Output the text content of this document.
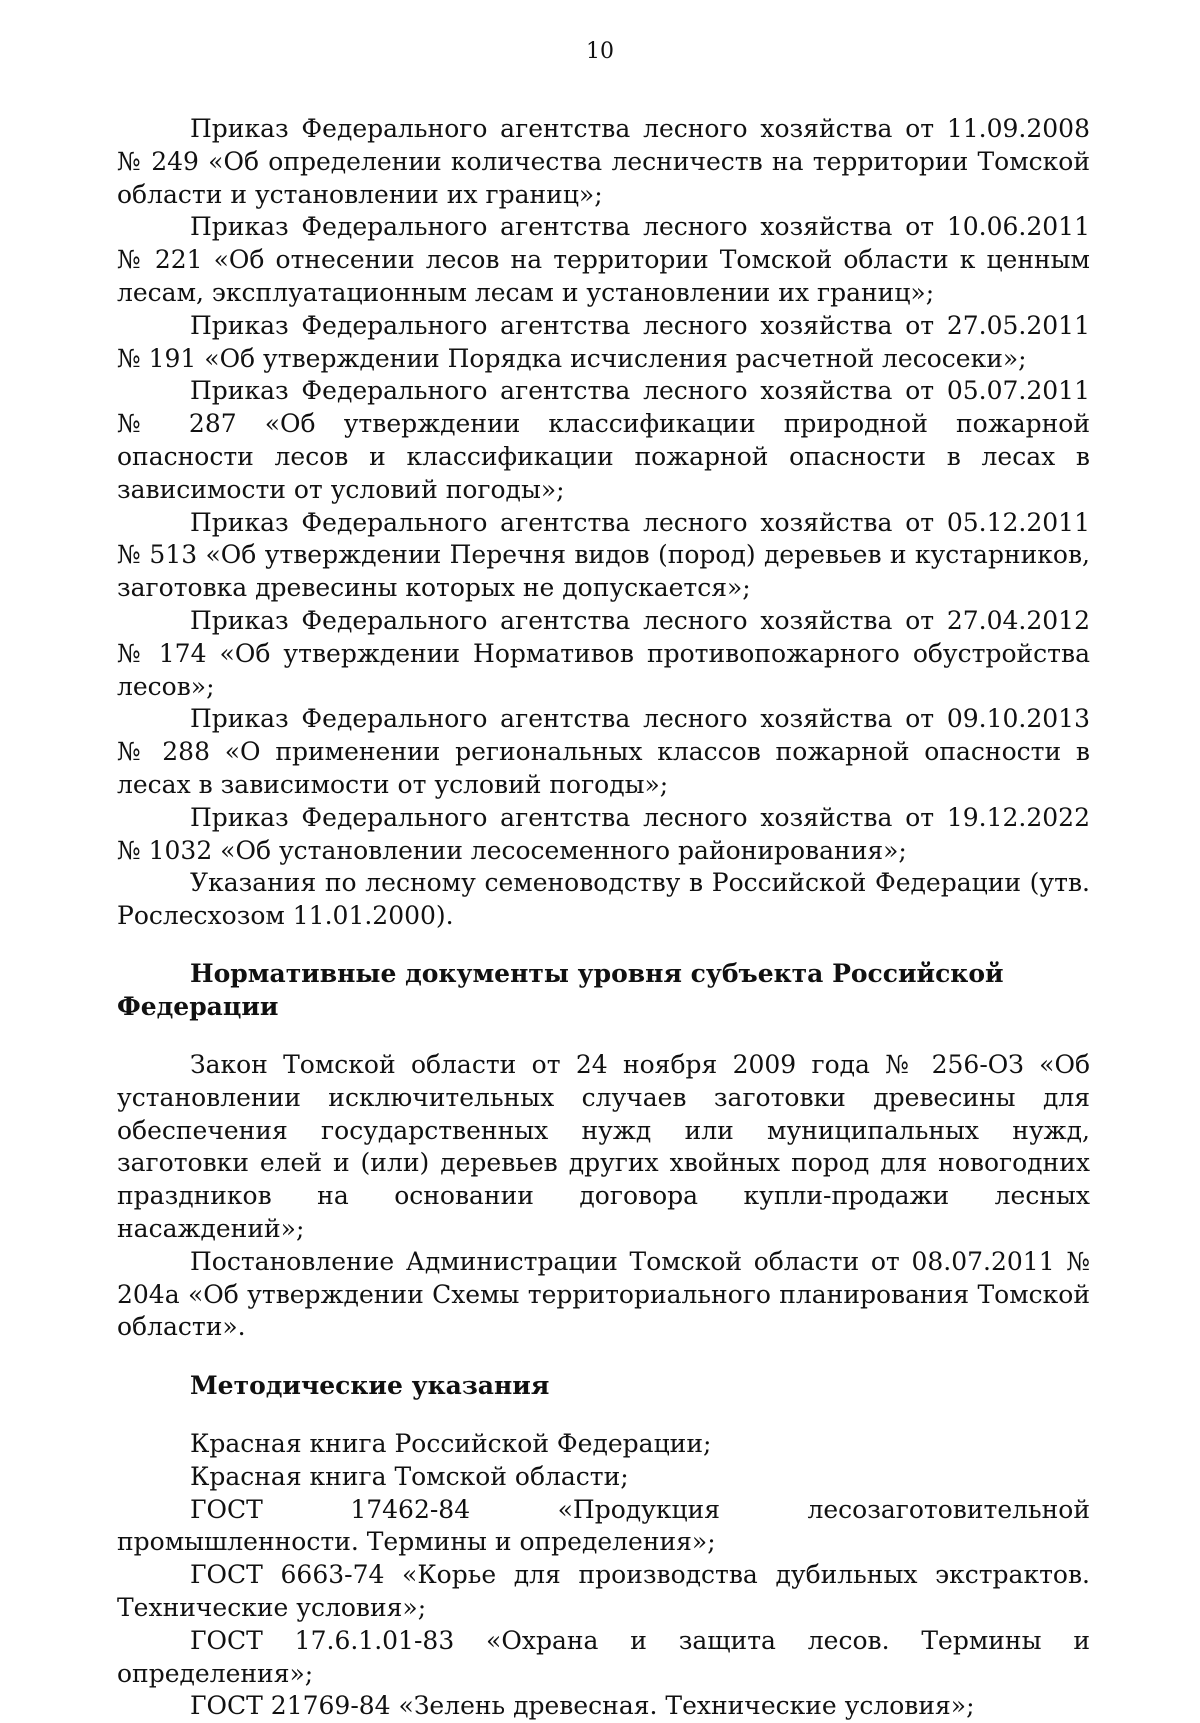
10

Приказ Федерального агентства лесного хозяйства от 11.09.2008 № 249 «Об определении количества лесничеств на территории Томской области и установлении их границ»;

Приказ Федерального агентства лесного хозяйства от 10.06.2011 № 221 «Об отнесении лесов на территории Томской области к ценным лесам, эксплуатационным лесам и установлении их границ»;

Приказ Федерального агентства лесного хозяйства от 27.05.2011 № 191 «Об утверждении Порядка исчисления расчетной лесосеки»;

Приказ Федерального агентства лесного хозяйства от 05.07.2011 № 287 «Об утверждении классификации природной пожарной опасности лесов и классификации пожарной опасности в лесах в зависимости от условий погоды»;

Приказ Федерального агентства лесного хозяйства от 05.12.2011 № 513 «Об утверждении Перечня видов (пород) деревьев и кустарников, заготовка древесины которых не допускается»;

Приказ Федерального агентства лесного хозяйства от 27.04.2012 № 174 «Об утверждении Нормативов противопожарного обустройства лесов»;

Приказ Федерального агентства лесного хозяйства от 09.10.2013 № 288 «О применении региональных классов пожарной опасности в лесах в зависимости от условий погоды»;

Приказ Федерального агентства лесного хозяйства от 19.12.2022 № 1032 «Об установлении лесосеменного районирования»;

Указания по лесному семеноводству в Российской Федерации (утв. Рослесхозом 11.01.2000).

Нормативные документы уровня субъекта Российской Федерации

Закон Томской области от 24 ноября 2009 года № 256-ОЗ «Об установлении исключительных случаев заготовки древесины для обеспечения государственных нужд или муниципальных нужд, заготовки елей и (или) деревьев других хвойных пород для новогодних праздников на основании договора купли-продажи лесных насаждений»;

Постановление Администрации Томской области от 08.07.2011 № 204а «Об утверждении Схемы территориального планирования Томской области».

Методические указания

Красная книга Российской Федерации;

Красная книга Томской области;

ГОСТ 17462-84 «Продукция лесозаготовительной промышленности. Термины и определения»;

ГОСТ 6663-74 «Корье для производства дубильных экстрактов. Технические условия»;

ГОСТ 17.6.1.01-83 «Охрана и защита лесов. Термины и определения»;

ГОСТ 21769-84 «Зелень древесная. Технические условия»;
